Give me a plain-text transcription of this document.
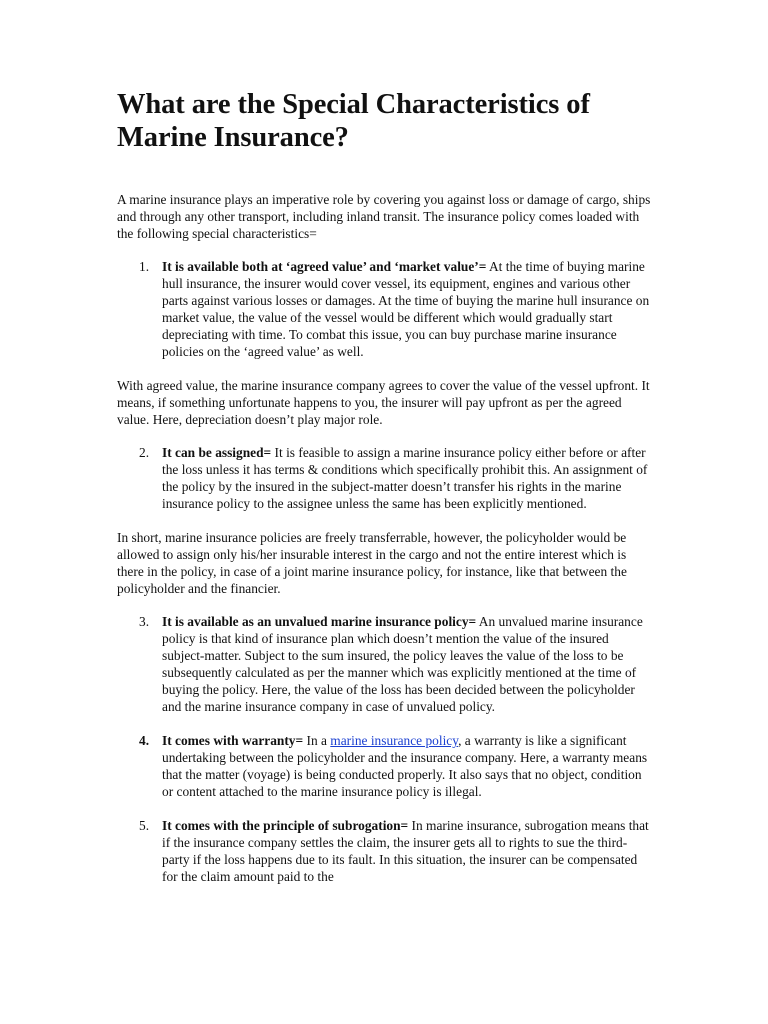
What are the Special Characteristics of Marine Insurance?

A marine insurance plays an imperative role by covering you against loss or damage of cargo, ships and through any other transport, including inland transit. The insurance policy comes loaded with the following special characteristics=

1. It is available both at ‘agreed value’ and ‘market value’= At the time of buying marine hull insurance, the insurer would cover vessel, its equipment, engines and various other parts against various losses or damages. At the time of buying the marine hull insurance on market value, the value of the vessel would be different which would gradually start depreciating with time. To combat this issue, you can buy purchase marine insurance policies on the ‘agreed value’ as well.

With agreed value, the marine insurance company agrees to cover the value of the vessel upfront. It means, if something unfortunate happens to you, the insurer will pay upfront as per the agreed value. Here, depreciation doesn’t play major role.

2. It can be assigned= It is feasible to assign a marine insurance policy either before or after the loss unless it has terms & conditions which specifically prohibit this. An assignment of the policy by the insured in the subject-matter doesn’t transfer his rights in the marine insurance policy to the assignee unless the same has been explicitly mentioned.

In short, marine insurance policies are freely transferrable, however, the policyholder would be allowed to assign only his/her insurable interest in the cargo and not the entire interest which is there in the policy, in case of a joint marine insurance policy, for instance, like that between the policyholder and the financier.

3. It is available as an unvalued marine insurance policy= An unvalued marine insurance policy is that kind of insurance plan which doesn’t mention the value of the insured subject-matter. Subject to the sum insured, the policy leaves the value of the loss to be subsequently calculated as per the manner which was explicitly mentioned at the time of buying the policy. Here, the value of the loss has been decided between the policyholder and the marine insurance company in case of unvalued policy.
4. It comes with warranty= In a marine insurance policy, a warranty is like a significant undertaking between the policyholder and the insurance company. Here, a warranty means that the matter (voyage) is being conducted properly. It also says that no object, condition or content attached to the marine insurance policy is illegal.
5. It comes with the principle of subrogation= In marine insurance, subrogation means that if the insurance company settles the claim, the insurer gets all to rights to sue the third-party if the loss happens due to its fault. In this situation, the insurer can be compensated for the claim amount paid to the
